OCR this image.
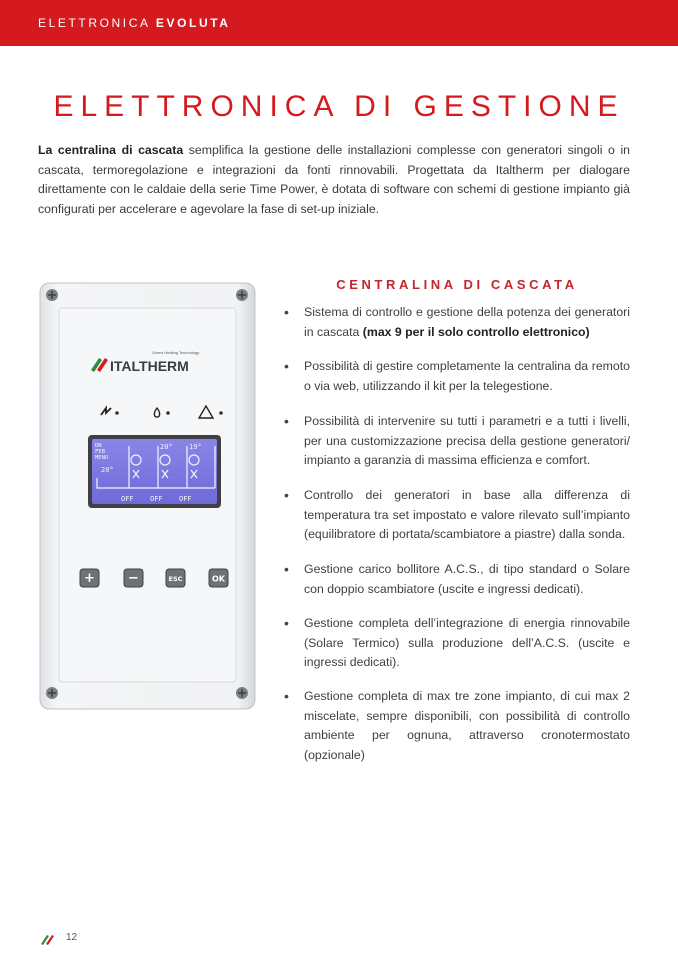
ELETTRONICA EVOLUTA
ELETTRONICA DI GESTIONE
La centralina di cascata semplifica la gestione delle installazioni complesse con generatori singoli o in cascata, termoregolazione e integrazioni da fonti rinnovabili. Progettata da Italtherm per dialogare direttamente con le caldaie della serie Time Power, è dotata di software con schemi di gestione impianto già configurati per accelerare e agevolare la fase di set-up iniziale.
ITALTHERM
Green Heating Technology
DN
FEB
MENU
20°
20° 19°
OFF OFF OFF
+	−	ESC	OK
CENTRALINA DI CASCATA
• Sistema di controllo e gestione della potenza dei generatori in cascata (max 9 per il solo controllo elettronico)
• Possibilità di gestire completamente la centralina da remoto o via web, utilizzando il kit per la telegestione.
• Possibilità di intervenire su tutti i parametri e a tutti i livelli, per una customizzazione precisa della gestione generatori/ impianto a garanzia di massima efficienza e comfort.
• Controllo dei generatori in base alla differenza di temperatura tra set impostato e valore rilevato sull’impianto (equilibratore di portata/scambiatore a piastre) dalla sonda.
• Gestione carico bollitore A.C.S., di tipo standard o Solare con doppio scambiatore (uscite e ingressi dedicati).
• Gestione completa dell’integrazione di energia rinnovabile (Solare Termico) sulla produzione dell’A.C.S. (uscite e ingressi dedicati).
• Gestione completa di max tre zone impianto, di cui max 2 miscelate, sempre disponibili, con possibilità di controllo ambiente per ognuna, attraverso cronotermostato (opzionale)
12
